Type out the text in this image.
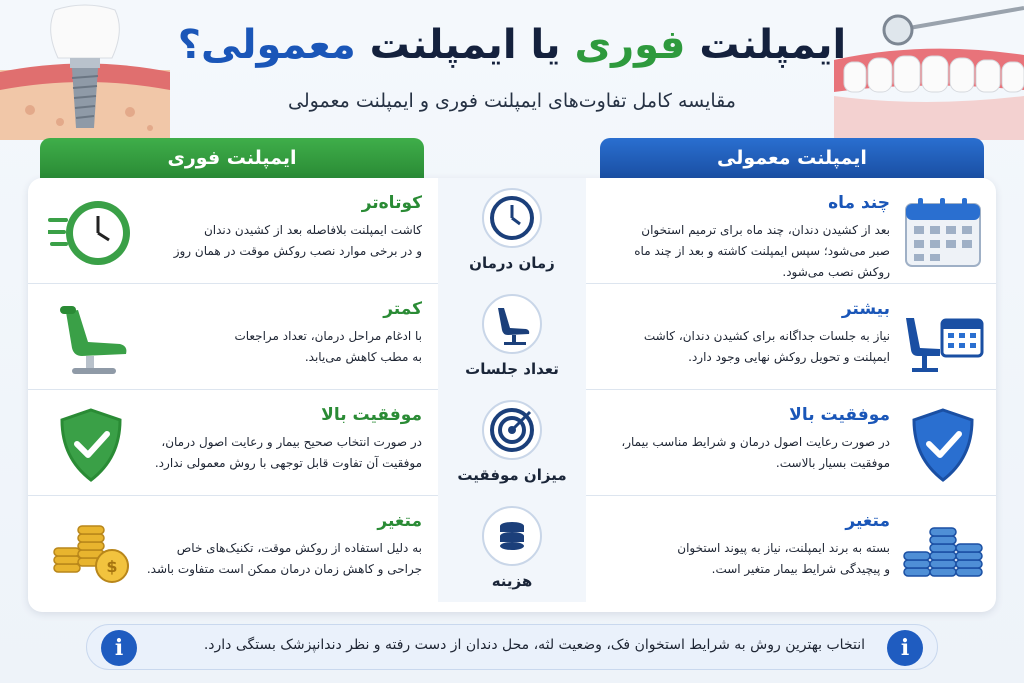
ایمپلنت فوری یا ایمپلنت معمولی؟
مقایسه کامل تفاوت‌های ایمپلنت فوری و ایمپلنت معمولی
ایمپلنت فوری	ایمپلنت معمولی
کوتاه‌تر
کاشت ایمپلنت بلافاصله بعد از کشیدن دندان
و در برخی موارد نصب روکش موقت در همان روز
زمان درمان
چند ماه
بعد از کشیدن دندان، چند ماه برای ترمیم استخوان
صبر می‌شود؛ سپس ایمپلنت کاشته و بعد از چند ماه
روکش نصب می‌شود.
کمتر
با ادغام مراحل درمان، تعداد مراجعات
به مطب کاهش می‌یابد.
تعداد جلسات
بیشتر
نیاز به جلسات جداگانه برای کشیدن دندان، کاشت
ایمپلنت و تحویل روکش نهایی وجود دارد.
موفقیت بالا
در صورت انتخاب صحیح بیمار و رعایت اصول درمان،
موفقیت آن تفاوت قابل توجهی با روش معمولی ندارد.
میزان موفقیت
موفقیت بالا
در صورت رعایت اصول درمان و شرایط مناسب بیمار،
موفقیت بسیار بالاست.
$
متغیر
به دلیل استفاده از روکش موقت، تکنیک‌های خاص
جراحی و کاهش زمان درمان ممکن است متفاوت باشد.
هزینه
متغیر
بسته به برند ایمپلنت، نیاز به پیوند استخوان
و پیچیدگی شرایط بیمار متغیر است.
i
انتخاب بهترین روش به شرایط استخوان فک، وضعیت لثه، محل دندان از دست رفته و نظر دندانپزشک بستگی دارد.
i
